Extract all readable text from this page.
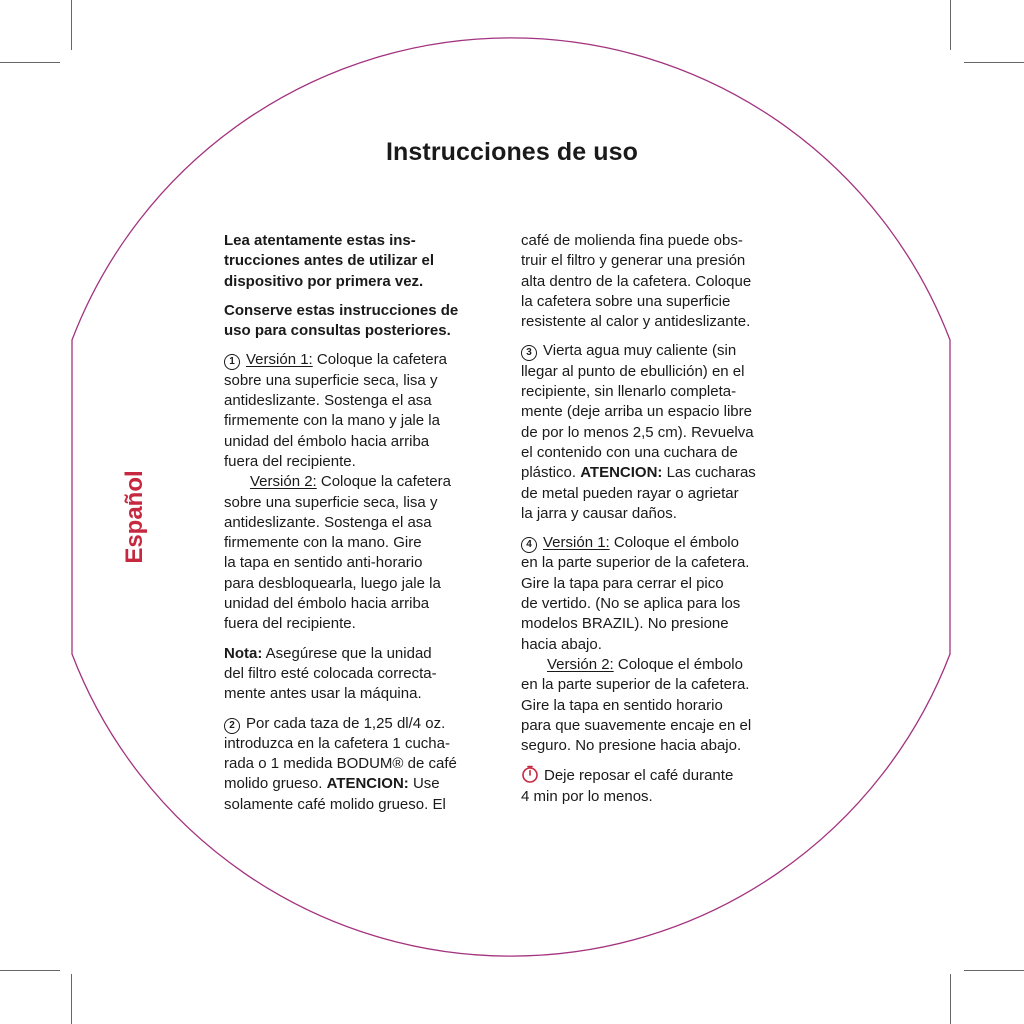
Instrucciones de uso
Español

Lea atentamente estas ins-
trucciones antes de utilizar el
dispositivo por primera vez.

Conserve estas instrucciones de
uso para consultas posteriores.

1 Versión 1: Coloque la cafetera
sobre una superficie seca, lisa y
antideslizante. Sostenga el asa
firmemente con la mano y jale la
unidad del émbolo hacia arriba
fuera del recipiente.
Versión 2: Coloque la cafetera
sobre una superficie seca, lisa y
antideslizante. Sostenga el asa
firmemente con la mano. Gire
la tapa en sentido anti-horario
para desbloquearla, luego jale la
unidad del émbolo hacia arriba
fuera del recipiente.

Nota: Asegúrese que la unidad
del filtro esté colocada correcta-
mente antes usar la máquina.

2 Por cada taza de 1,25 dl/4 oz.
introduzca en la cafetera 1 cucha-
rada o 1 medida BODUM® de café
molido grueso. ATENCION: Use
solamente café molido grueso. El

café de molienda fina puede obs-
truir el filtro y generar una presión
alta dentro de la cafetera. Coloque
la cafetera sobre una superficie
resistente al calor y antideslizante.

3 Vierta agua muy caliente (sin
llegar al punto de ebullición) en el
recipiente, sin llenarlo completa-
mente (deje arriba un espacio libre
de por lo menos 2,5 cm). Revuelva
el contenido con una cuchara de
plástico. ATENCION: Las cucharas
de metal pueden rayar o agrietar
la jarra y causar daños.

4 Versión 1: Coloque el émbolo
en la parte superior de la cafetera.
Gire la tapa para cerrar el pico
de vertido. (No se aplica para los
modelos BRAZIL). No presione
hacia abajo.
Versión 2: Coloque el émbolo
en la parte superior de la cafetera.
Gire la tapa en sentido horario
para que suavemente encaje en el
seguro. No presione hacia abajo.

Deje reposar el café durante
4 min por lo menos.
